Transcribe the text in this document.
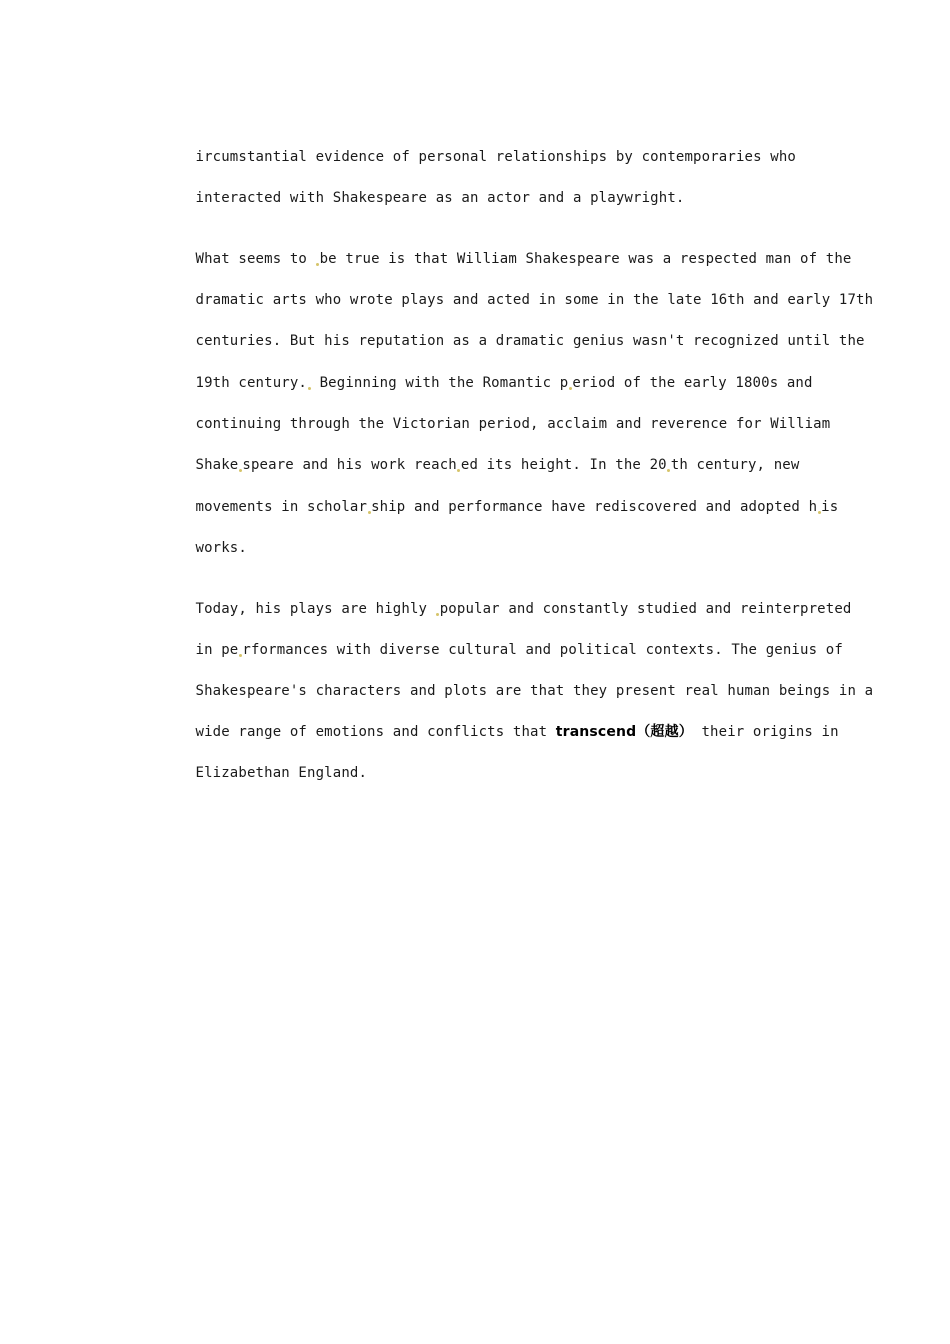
ircumstantial evidence of personal relationships by contemporaries who

interacted with Shakespeare as an actor and a playwright.

What seems to be true is that William Shakespeare was a respected man of the

dramatic arts who wrote plays and acted in some in the late 16th and early 17th

centuries. But his reputation as a dramatic genius wasn't recognized until the

19th century. Beginning with the Romantic p eriod of the early 1800s and

continuing through the Victorian period, acclaim and reverence for William

Shake speare and his work reach ed its height. In the 20 th century, new

movements in scholar ship and performance have rediscovered and adopted h is

works.

Today, his plays are highly popular and constantly studied and reinterpreted

in pe rformances with diverse cultural and political contexts. The genius of

Shakespeare's characters and plots are that they present real human beings in a

wide range of emotions and conflicts that transcend（超越） their origins in

Elizabethan England.
